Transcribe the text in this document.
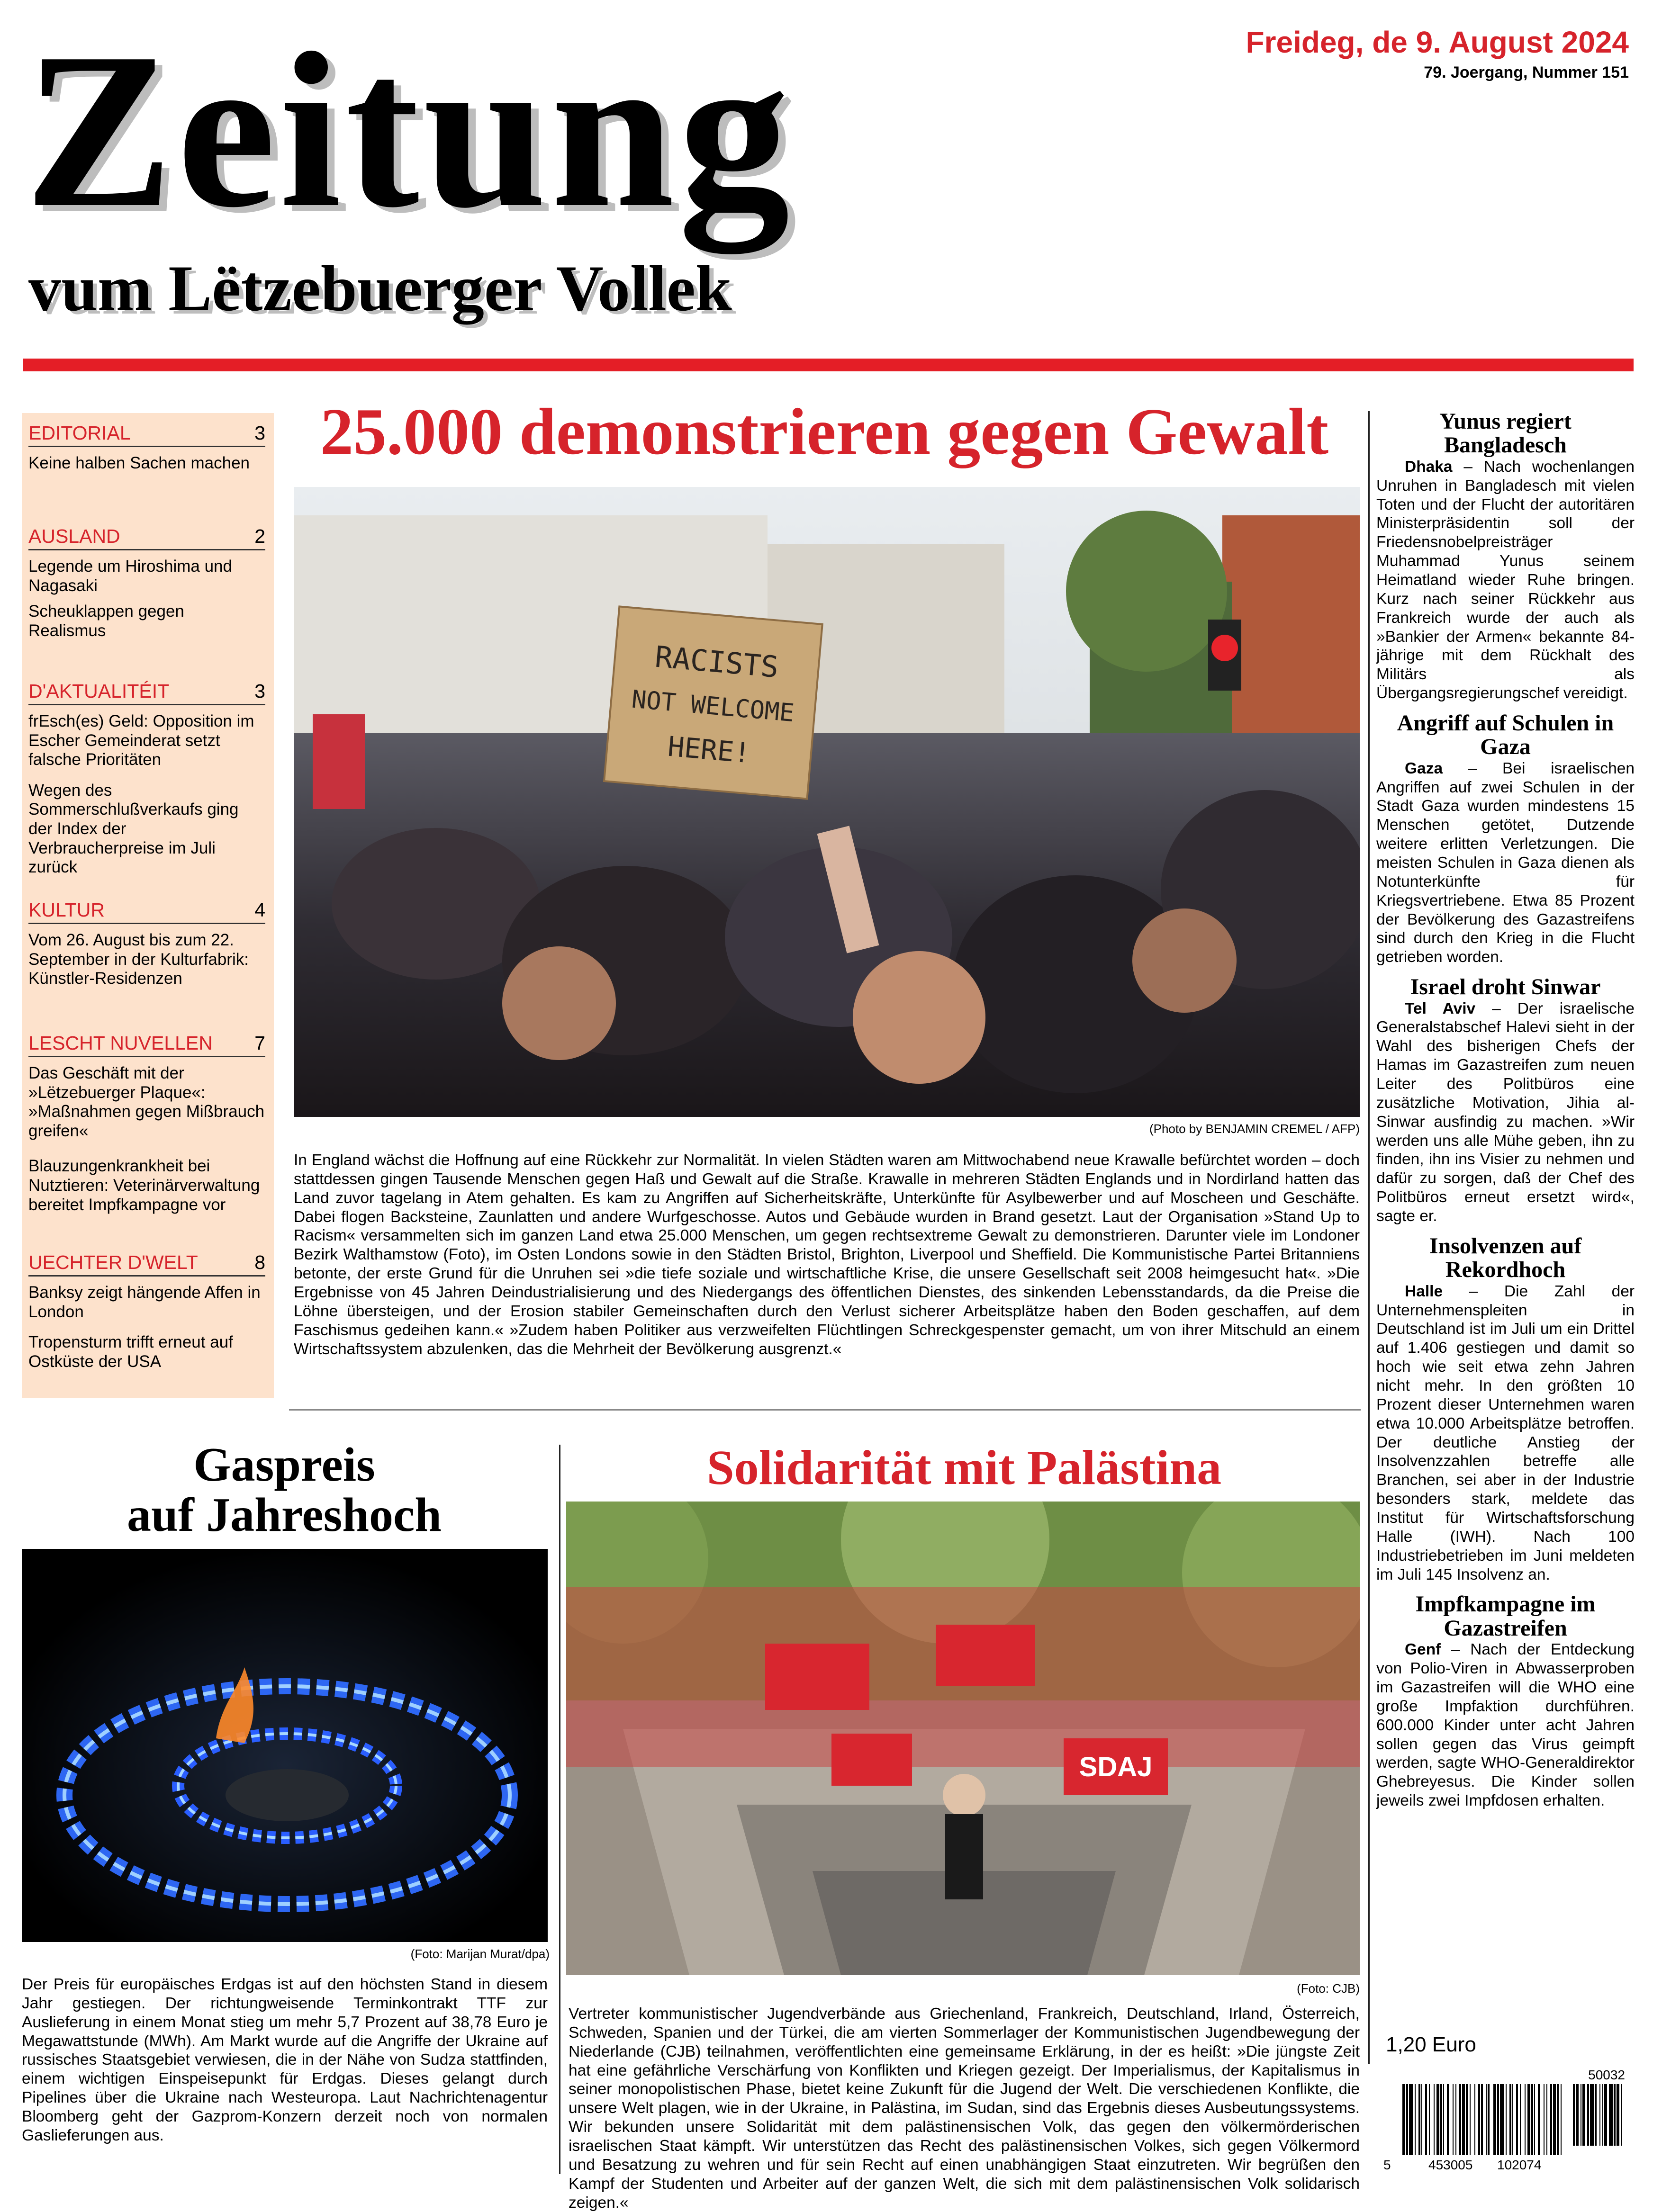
Zeitung
vum Lëtzebuerger Vollek
Freideg, de 9. August 2024
79. Joergang, Nummer 151
EDITORIAL	3
Keine halben Sachen machen
AUSLAND	2
Legende um Hiroshima und Nagasaki
Scheuklappen gegen Realismus
D'AKTUALITÉIT	3
frEsch(es) Geld: Opposition im Escher Gemeinderat setzt falsche Prioritäten
Wegen des Sommerschlußverkaufs ging der Index der Verbraucherpreise im Juli zurück
KULTUR	4
Vom 26. August bis zum 22. September in der Kulturfabrik: Künstler-Residenzen
LESCHT NUVELLEN 7
Das Geschäft mit der »Lëtzebuerger Plaque«: »Maßnahmen gegen Mißbrauch greifen«
Blauzungenkrankheit bei Nutztieren: Veterinärverwaltung bereitet Impfkampagne vor
UECHTER D'WELT	8
Banksy zeigt hängende Affen in London
Tropensturm trifft erneut auf Ostküste der USA
25.000 demonstrieren gegen Gewalt
RACISTS
NOT WELCOME
HERE!
(Photo by BENJAMIN CREMEL / AFP)
In England wächst die Hoffnung auf eine Rückkehr zur Normalität. In vielen Städten waren am Mittwochabend neue Krawalle befürchtet worden – doch stattdessen gingen Tausende Menschen gegen Haß und Gewalt auf die Straße. Krawalle in mehreren Städten Englands und in Nordirland hatten das Land zuvor tagelang in Atem gehalten. Es kam zu Angriffen auf Sicherheitskräfte, Unterkünfte für Asylbewerber und auf Moscheen und Geschäfte. Dabei flogen Backsteine, Zaunlatten und andere Wurfgeschosse. Autos und Gebäude wurden in Brand gesetzt. Laut der Organisation »Stand Up to Racism« versammelten sich im ganzen Land etwa 25.000 Menschen, um gegen rechtsextreme Gewalt zu demonstrieren. Darunter viele im Londoner Bezirk Walthamstow (Foto), im Osten Londons sowie in den Städten Bristol, Brighton, Liverpool und Sheffield. Die Kommunistische Partei Britanniens betonte, der erste Grund für die Unruhen sei »die tiefe soziale und wirtschaftliche Krise, die unsere Gesellschaft seit 2008 heimgesucht hat«. »Die Ergebnisse von 45 Jahren Deindustrialisierung und des Niedergangs des öffentlichen Dienstes, des sinkenden Lebensstandards, da die Preise die Löhne übersteigen, und der Erosion stabiler Gemeinschaften durch den Verlust sicherer Arbeitsplätze haben den Boden geschaffen, auf dem Faschismus gedeihen kann.« »Zudem haben Politiker aus verzweifelten Flüchtlingen Schreckgespenster gemacht, um von ihrer Mitschuld an einem Wirtschaftssystem abzulenken, das die Mehrheit der Bevölkerung ausgrenzt.«
Yunus regiert Bangladesch
Dhaka – Nach wochenlangen Unruhen in Bangladesch mit vielen Toten und der Flucht der autoritären Ministerpräsidentin soll der Friedensnobelpreisträger Muhammad Yunus seinem Heimatland wieder Ruhe bringen. Kurz nach seiner Rückkehr aus Frankreich wurde der auch als »Bankier der Armen« bekannte 84-jährige mit dem Rückhalt des Militärs als Übergangsregierungschef vereidigt.
Angriff auf Schulen in Gaza
Gaza – Bei israelischen Angriffen auf zwei Schulen in der Stadt Gaza wurden mindestens 15 Menschen getötet, Dutzende weitere erlitten Verletzungen. Die meisten Schulen in Gaza dienen als Notunterkünfte für Kriegsvertriebene. Etwa 85 Prozent der Bevölkerung des Gazastreifens sind durch den Krieg in die Flucht getrieben worden.
Israel droht Sinwar
Tel Aviv – Der israelische Generalstabschef Halevi sieht in der Wahl des bisherigen Chefs der Hamas im Gazastreifen zum neuen Leiter des Politbüros eine zusätzliche Motivation, Jihia al-Sinwar ausfindig zu machen. »Wir werden uns alle Mühe geben, ihn zu finden, ihn ins Visier zu nehmen und dafür zu sorgen, daß der Chef des Politbüros erneut ersetzt wird«, sagte er.
Insolvenzen auf Rekordhoch
Halle – Die Zahl der Unternehmenspleiten in Deutschland ist im Juli um ein Drittel auf 1.406 gestiegen und damit so hoch wie seit etwa zehn Jahren nicht mehr. In den größten 10 Prozent dieser Unternehmen waren etwa 10.000 Arbeitsplätze betroffen. Der deutliche Anstieg der Insolvenzzahlen betreffe alle Branchen, sei aber in der Industrie besonders stark, meldete das Institut für Wirtschaftsforschung Halle (IWH). Nach 100 Industriebetrieben im Juni meldeten im Juli 145 Insolvenz an.
Impfkampagne im Gazastreifen
Genf – Nach der Entdeckung von Polio-Viren in Abwasserproben im Gazastreifen will die WHO eine große Impfaktion durchführen. 600.000 Kinder unter acht Jahren sollen gegen das Virus geimpft werden, sagte WHO-Generaldirektor Ghebreyesus. Die Kinder sollen jeweils zwei Impfdosen erhalten.
Gaspreis
auf Jahreshoch
(Foto: Marijan Murat/dpa)
Der Preis für europäisches Erdgas ist auf den höchsten Stand in diesem Jahr gestiegen. Der richtungweisende Terminkontrakt TTF zur Auslieferung in einem Monat stieg um mehr 5,7 Prozent auf 38,78 Euro je Megawattstunde (MWh). Am Markt wurde auf die Angriffe der Ukraine auf russisches Staatsgebiet verwiesen, die in der Nähe von Sudza stattfinden, einem wichtigen Einspeisepunkt für Erdgas. Dieses gelangt durch Pipelines über die Ukraine nach Westeuropa. Laut Nachrichtenagentur Bloomberg geht der Gazprom-Konzern derzeit noch von normalen Gaslieferungen aus.
Solidarität mit Palästina
SDAJ
(Foto: CJB)
Vertreter kommunistischer Jugendverbände aus Griechenland, Frankreich, Deutschland, Irland, Österreich, Schweden, Spanien und der Türkei, die am vierten Sommerlager der Kommunistischen Jugendbewegung der Niederlande (CJB) teilnahmen, veröffentlichten eine gemeinsame Erklärung, in der es heißt: »Die jüngste Zeit hat eine gefährliche Verschärfung von Konflikten und Kriegen gezeigt. Der Imperialismus, der Kapitalismus in seiner monopolistischen Phase, bietet keine Zukunft für die Jugend der Welt. Die verschiedenen Konflikte, die unsere Welt plagen, wie in der Ukraine, in Palästina, im Sudan, sind das Ergebnis dieses Ausbeutungssystems. Wir bekunden unsere Solidarität mit dem palästinensischen Volk, das gegen den völkermörderischen israelischen Staat kämpft. Wir unterstützen das Recht des palästinensischen Volkes, sich gegen Völkermord und Besatzung zu wehren und für sein Recht auf einen unabhängigen Staat einzutreten. Wir begrüßen den Kampf der Studenten und Arbeiter auf der ganzen Welt, die sich mit dem palästinensischen Volk solidarisch zeigen.«
1,20 Euro
50032
5	453005 102074
